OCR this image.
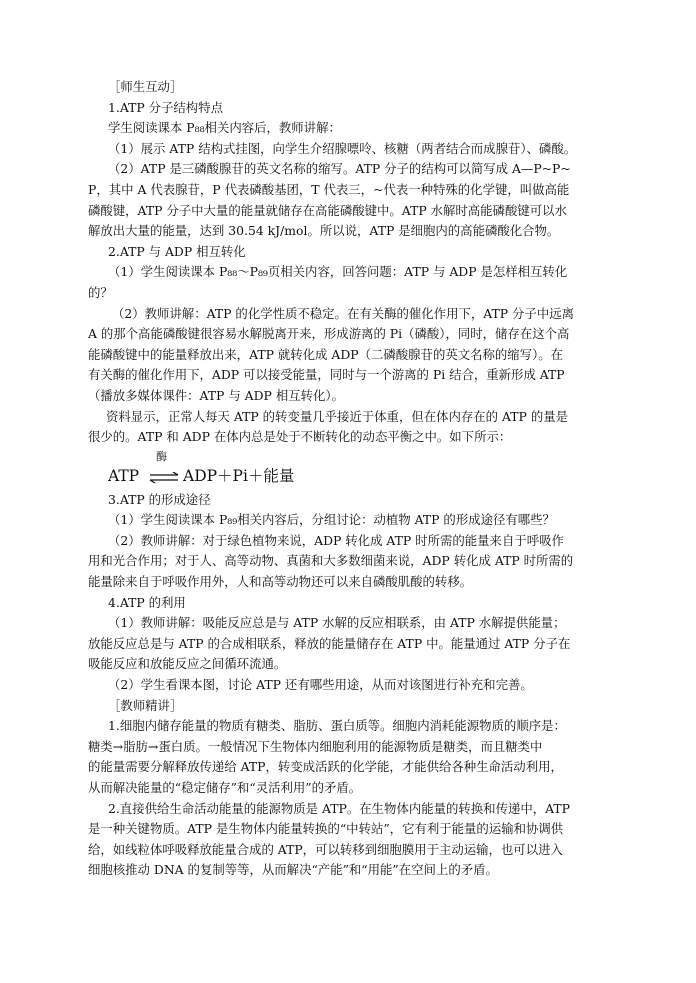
［师生互动］
1.ATP 分子结构特点
学生阅读课本 P₈₈相关内容后，教师讲解：
（1）展示 ATP 结构式挂图，向学生介绍腺嘌呤、核糖（两者结合而成腺苷）、磷酸。
（2）ATP 是三磷酸腺苷的英文名称的缩写。ATP 分子的结构可以简写成 A—P~P~
P，其中 A 代表腺苷，P 代表磷酸基团，T 代表三，~代表一种特殊的化学键，叫做高能
磷酸键，ATP 分子中大量的能量就储存在高能磷酸键中。ATP 水解时高能磷酸键可以水
解放出大量的能量，达到 30.54 kJ/mol。所以说，ATP 是细胞内的高能磷酸化合物。
2.ATP 与 ADP 相互转化
（1）学生阅读课本 P₈₈～P₈₉页相关内容，回答问题：ATP 与 ADP 是怎样相互转化
的？
（2）教师讲解：ATP 的化学性质不稳定。在有关酶的催化作用下，ATP 分子中远离
A 的那个高能磷酸键很容易水解脱离开来，形成游离的 Pi（磷酸），同时，储存在这个高
能磷酸键中的能量释放出来，ATP 就转化成 ADP（二磷酸腺苷的英文名称的缩写）。在
有关酶的催化作用下，ADP 可以接受能量，同时与一个游离的 Pi 结合，重新形成 ATP
（播放多媒体课件：ATP 与 ADP 相互转化）。
资料显示，正常人每天 ATP 的转变量几乎接近于体重，但在体内存在的 ATP 的量是
很少的。ATP 和 ADP 在体内总是处于不断转化的动态平衡之中。如下所示：
ATP
酶
⇌ ADP＋Pi＋能量
3.ATP 的形成途径
（1）学生阅读课本 P₈₉相关内容后，分组讨论：动植物 ATP 的形成途径有哪些？
（2）教师讲解：对于绿色植物来说，ADP 转化成 ATP 时所需的能量来自于呼吸作
用和光合作用；对于人、高等动物、真菌和大多数细菌来说，ADP 转化成 ATP 时所需的
能量除来自于呼吸作用外，人和高等动物还可以来自磷酸肌酸的转移。
4.ATP 的利用
（1）教师讲解：吸能反应总是与 ATP 水解的反应相联系，由 ATP 水解提供能量；
放能反应总是与 ATP 的合成相联系，释放的能量储存在 ATP 中。能量通过 ATP 分子在
吸能反应和放能反应之间循环流通。
（2）学生看课本图，讨论 ATP 还有哪些用途，从而对该图进行补充和完善。
［教师精讲］
1.细胞内储存能量的物质有糖类、脂肪、蛋白质等。细胞内消耗能源物质的顺序是：
糖类→脂肪→蛋白质。一般情况下生物体内细胞利用的能源物质是糖类，而且糖类中
的能量需要分解释放传递给 ATP，转变成活跃的化学能，才能供给各种生命活动利用，
从而解决能量的“稳定储存”和“灵活利用”的矛盾。
2.直接供给生命活动能量的能源物质是 ATP。在生物体内能量的转换和传递中，ATP
是一种关键物质。ATP 是生物体内能量转换的“中转站”，它有利于能量的运输和协调供
给，如线粒体呼吸释放能量合成的 ATP，可以转移到细胞膜用于主动运输，也可以进入
细胞核推动 DNA 的复制等等，从而解决“产能”和“用能”在空间上的矛盾。
